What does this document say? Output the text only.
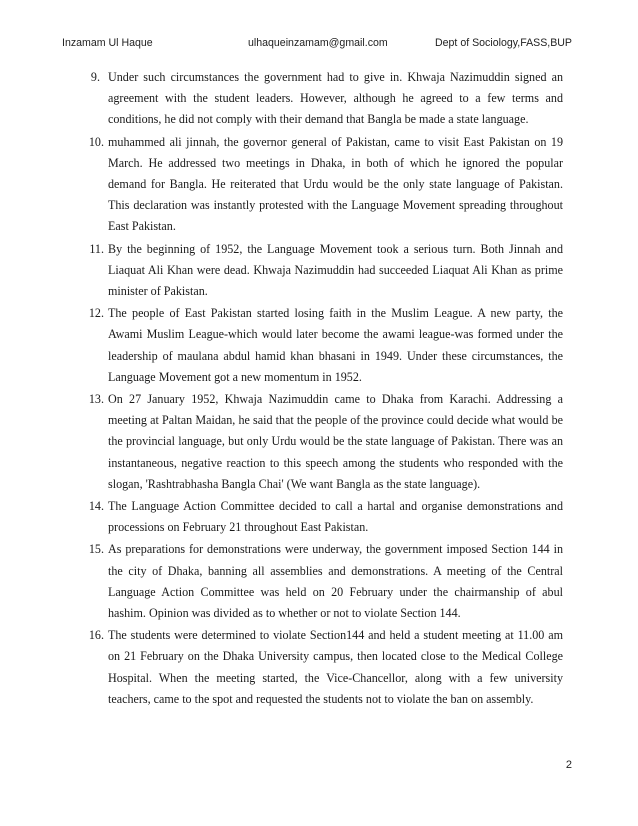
Inzamam Ul Haque	ulhaqueinzamam@gmail.com	Dept of Sociology,FASS,BUP
9. Under such circumstances the government had to give in. Khwaja Nazimuddin signed an agreement with the student leaders. However, although he agreed to a few terms and conditions, he did not comply with their demand that Bangla be made a state language.
10. muhammed ali jinnah, the governor general of Pakistan, came to visit East Pakistan on 19 March. He addressed two meetings in Dhaka, in both of which he ignored the popular demand for Bangla. He reiterated that Urdu would be the only state language of Pakistan. This declaration was instantly protested with the Language Movement spreading throughout East Pakistan.
11. By the beginning of 1952, the Language Movement took a serious turn. Both Jinnah and Liaquat Ali Khan were dead. Khwaja Nazimuddin had succeeded Liaquat Ali Khan as prime minister of Pakistan.
12. The people of East Pakistan started losing faith in the Muslim League. A new party, the Awami Muslim League-which would later become the awami league-was formed under the leadership of maulana abdul hamid khan bhasani in 1949. Under these circumstances, the Language Movement got a new momentum in 1952.
13. On 27 January 1952, Khwaja Nazimuddin came to Dhaka from Karachi. Addressing a meeting at Paltan Maidan, he said that the people of the province could decide what would be the provincial language, but only Urdu would be the state language of Pakistan. There was an instantaneous, negative reaction to this speech among the students who responded with the slogan, 'Rashtrabhasha Bangla Chai' (We want Bangla as the state language).
14. The Language Action Committee decided to call a hartal and organise demonstrations and processions on February 21 throughout East Pakistan.
15. As preparations for demonstrations were underway, the government imposed Section 144 in the city of Dhaka, banning all assemblies and demonstrations. A meeting of the Central Language Action Committee was held on 20 February under the chairmanship of abul hashim. Opinion was divided as to whether or not to violate Section 144.
16. The students were determined to violate Section144 and held a student meeting at 11.00 am on 21 February on the Dhaka University campus, then located close to the Medical College Hospital. When the meeting started, the Vice-Chancellor, along with a few university teachers, came to the spot and requested the students not to violate the ban on assembly.
2
